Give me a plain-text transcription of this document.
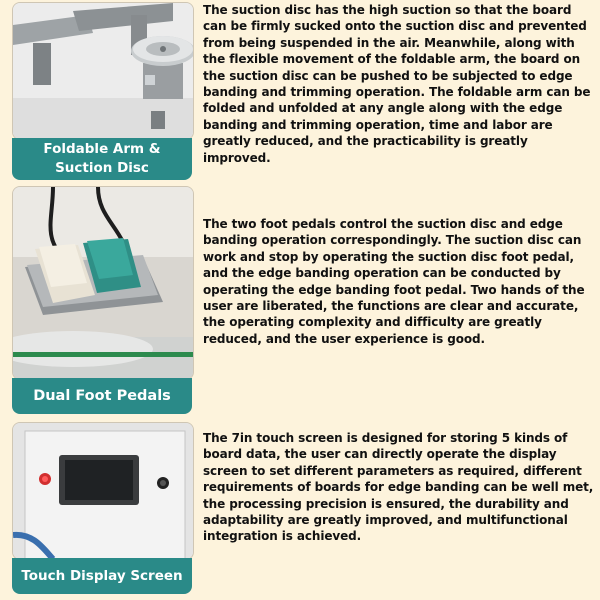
Foldable Arm & Suction Disc

The suction disc has the high suction so that the board can be firmly sucked onto the suction disc and prevented from being suspended in the air. Meanwhile, along with the flexible movement of the foldable arm, the board on the suction disc can be pushed to be subjected to edge banding and trimming operation. The foldable arm can be folded and unfolded at any angle along with the edge banding and trimming operation, time and labor are greatly reduced, and the practicability is greatly improved.

Dual Foot Pedals

The two foot pedals control the suction disc and edge banding operation correspondingly. The suction disc can work and stop by operating the suction disc foot pedal, and the edge banding operation can be conducted by operating the edge banding foot pedal. Two hands of the user are liberated, the functions are clear and accurate, the operating complexity and difficulty are greatly reduced, and the user experience is good.

Touch Display Screen

The 7in touch screen is designed for storing 5 kinds of board data, the user can directly operate the display screen to set different parameters as required, different requirements of boards for edge banding can be well met, the processing precision is ensured, the durability and adaptability are greatly improved, and multifunctional integration is achieved.
